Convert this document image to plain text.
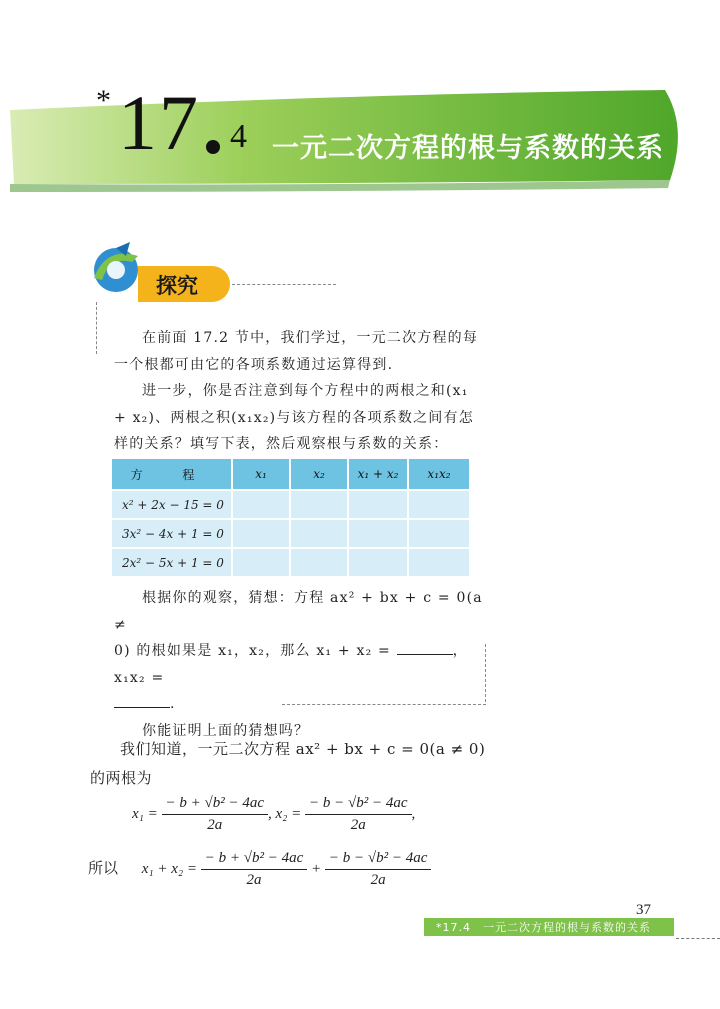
* 17 4 一元二次方程的根与系数的关系
探究
在前面 17.2 节中，我们学过，一元二次方程的每一个根都可由它的各项系数通过运算得到.
进一步，你是否注意到每个方程中的两根之和(x₁ + x₂)、两根之积(x₁x₂)与该方程的各项系数之间有怎样的关系？填写下表，然后观察根与系数的关系：
方 程	x₁	x₂	x₁ + x₂	x₁x₂
x² + 2x − 15 = 0				
3x² − 4x + 1 = 0				
2x² − 5x + 1 = 0				
根据你的观察，猜想：方程 ax² + bx + c = 0(a ≠
0) 的根如果是 x₁，x₂，那么 x₁ + x₂ =	，x₁x₂ =
.
你能证明上面的猜想吗？
我们知道，一元二次方程 ax² + bx + c = 0(a ≠ 0) 的两根为
$x_1 = \frac{\text{− b + √b² − 4ac}}{2a}$ , $x_2 = \frac{\text{− b − √b² − 4ac}}{2a}$ ,
所以 $x_1 + x_2 = \frac{\text{− b + √b² − 4ac}}{2a} + \frac{\text{− b − √b² − 4ac}}{2a}$
37
*17.4　一元二次方程的根与系数的关系
